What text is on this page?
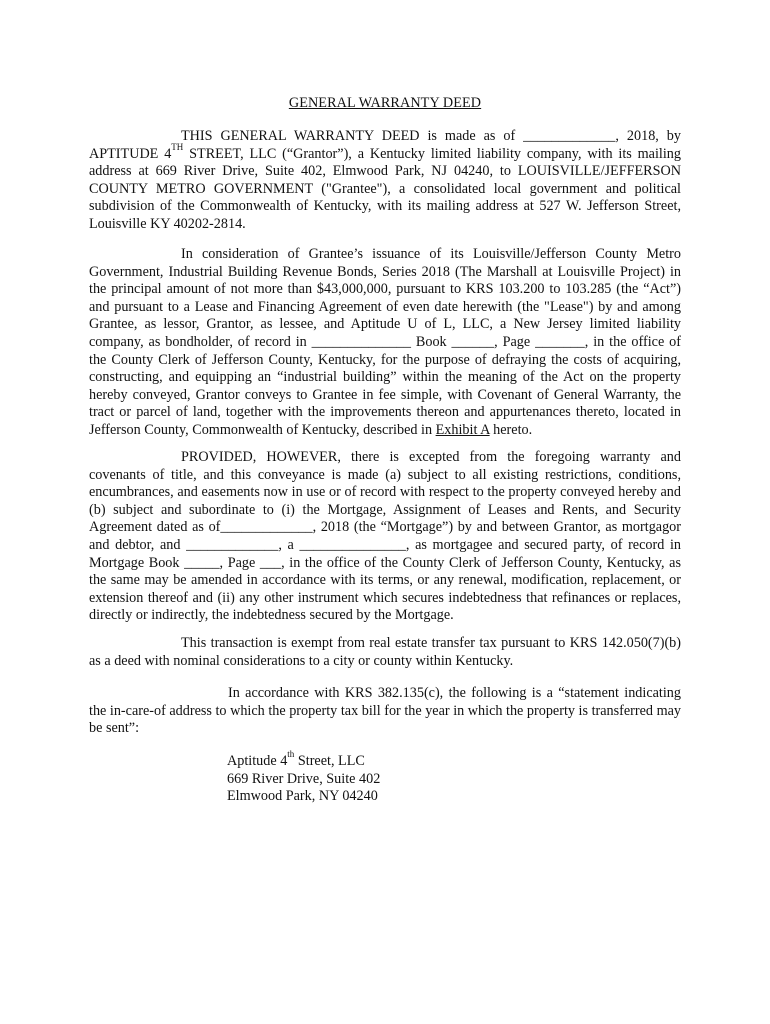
GENERAL WARRANTY DEED

THIS GENERAL WARRANTY DEED is made as of _____________, 2018, by APTITUDE 4TH STREET, LLC (“Grantor”), a Kentucky limited liability company, with its mailing address at 669 River Drive, Suite 402, Elmwood Park, NJ 04240, to LOUISVILLE/JEFFERSON COUNTY METRO GOVERNMENT ("Grantee"), a consolidated local government and political subdivision of the Commonwealth of Kentucky, with its mailing address at 527 W. Jefferson Street, Louisville KY 40202-2814.

In consideration of Grantee’s issuance of its Louisville/Jefferson County Metro Government, Industrial Building Revenue Bonds, Series 2018 (The Marshall at Louisville Project) in the principal amount of not more than $43,000,000, pursuant to KRS 103.200 to 103.285 (the “Act”) and pursuant to a Lease and Financing Agreement of even date herewith (the "Lease") by and among Grantee, as lessor, Grantor, as lessee, and Aptitude U of L, LLC, a New Jersey limited liability company, as bondholder, of record in ______________ Book ______, Page _______, in the office of the County Clerk of Jefferson County, Kentucky, for the purpose of defraying the costs of acquiring, constructing, and equipping an “industrial building” within the meaning of the Act on the property hereby conveyed, Grantor conveys to Grantee in fee simple, with Covenant of General Warranty, the tract or parcel of land, together with the improvements thereon and appurtenances thereto, located in Jefferson County, Commonwealth of Kentucky, described in Exhibit A hereto.

PROVIDED, HOWEVER, there is excepted from the foregoing warranty and covenants of title, and this conveyance is made (a) subject to all existing restrictions, conditions, encumbrances, and easements now in use or of record with respect to the property conveyed hereby and (b) subject and subordinate to (i) the Mortgage, Assignment of Leases and Rents, and Security Agreement dated as of_____________, 2018 (the “Mortgage”) by and between Grantor, as mortgagor and debtor, and _____________, a _______________, as mortgagee and secured party, of record in Mortgage Book _____, Page ___, in the office of the County Clerk of Jefferson County, Kentucky, as the same may be amended in accordance with its terms, or any renewal, modification, replacement, or extension thereof and (ii) any other instrument which secures indebtedness that refinances or replaces, directly or indirectly, the indebtedness secured by the Mortgage.

This transaction is exempt from real estate transfer tax pursuant to KRS 142.050(7)(b) as a deed with nominal considerations to a city or county within Kentucky.

In accordance with KRS 382.135(c), the following is a “statement indicating the in-care-of address to which the property tax bill for the year in which the property is transferred may be sent”:

Aptitude 4th Street, LLC
669 River Drive, Suite 402
Elmwood Park, NY 04240
